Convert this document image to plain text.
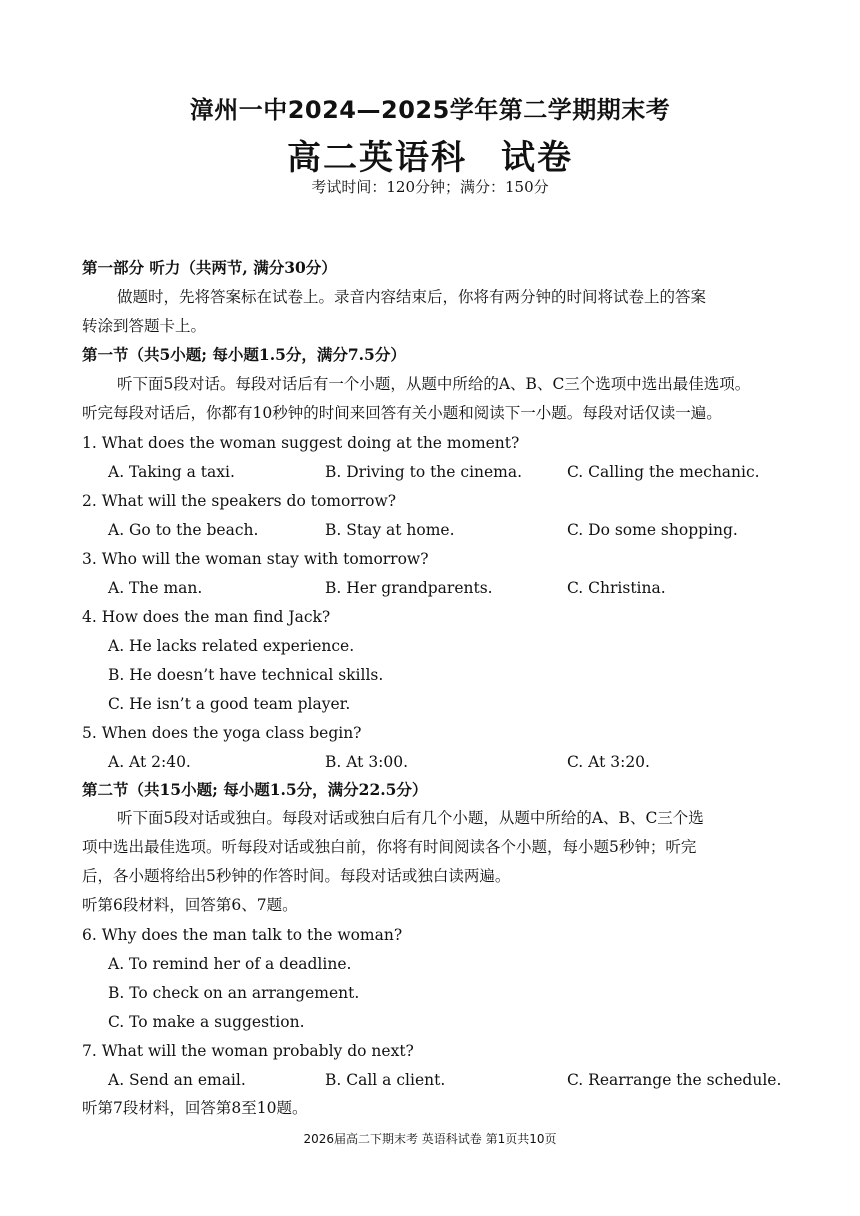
漳州一中2024—2025学年第二学期期末考
高二英语科 试卷
考试时间：120分钟；满分：150分
第一部分 听力（共两节, 满分30分）
做题时，先将答案标在试卷上。录音内容结束后，你将有两分钟的时间将试卷上的答案
转涂到答题卡上。
第一节（共5小题; 每小题1.5分，满分7.5分）
听下面5段对话。每段对话后有一个小题，从题中所给的A、B、C三个选项中选出最佳选项。
听完每段对话后，你都有10秒钟的时间来回答有关小题和阅读下一小题。每段对话仅读一遍。
1. What does the woman suggest doing at the moment?
A. Taking a taxi.	B. Driving to the cinema.	C. Calling the mechanic.
2. What will the speakers do tomorrow?
A. Go to the beach.	B. Stay at home.	C. Do some shopping.
3. Who will the woman stay with tomorrow?
A. The man.	B. Her grandparents.	C. Christina.
4. How does the man find Jack?
A. He lacks related experience.
B. He doesn’t have technical skills.
C. He isn’t a good team player.
5. When does the yoga class begin?
A. At 2:40.	B. At 3:00.	C. At 3:20.
第二节（共15小题; 每小题1.5分，满分22.5分）
听下面5段对话或独白。每段对话或独白后有几个小题，从题中所给的A、B、C三个选
项中选出最佳选项。听每段对话或独白前，你将有时间阅读各个小题，每小题5秒钟；听完
后，各小题将给出5秒钟的作答时间。每段对话或独白读两遍。
听第6段材料，回答第6、7题。
6. Why does the man talk to the woman?
A. To remind her of a deadline.
B. To check on an arrangement.
C. To make a suggestion.
7. What will the woman probably do next?
A. Send an email.	B. Call a client.	C. Rearrange the schedule.
听第7段材料，回答第8至10题。
2026届高二下期末考 英语科试卷 第1页共10页
